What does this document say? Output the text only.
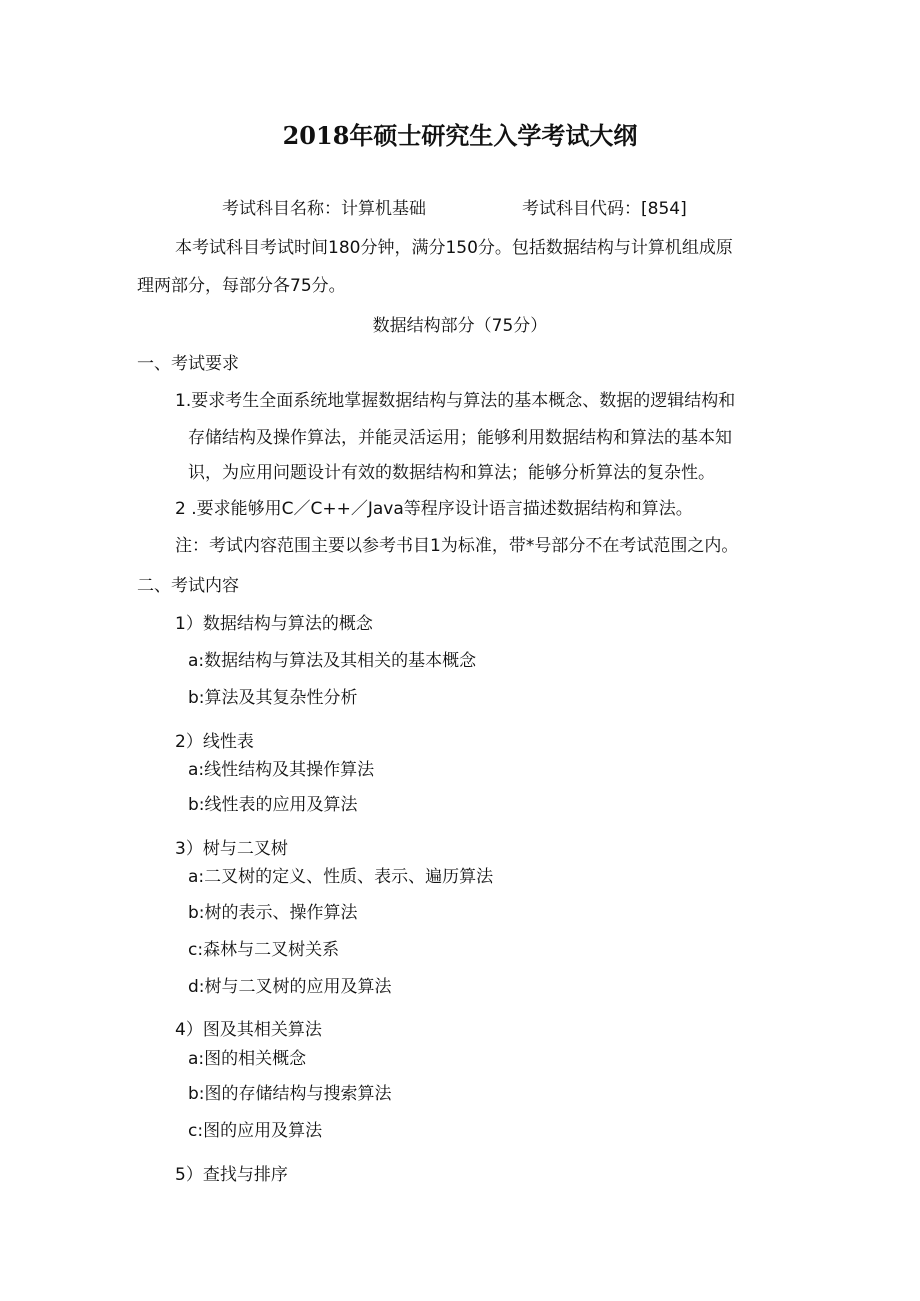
2018年硕士研究生入学考试大纲
考试科目名称：计算机基础	考试科目代码：[854]
本考试科目考试时间180分钟，满分150分。包括数据结构与计算机组成原
理两部分，每部分各75分。
数据结构部分（75分）
一、考试要求
1.要求考生全面系统地掌握数据结构与算法的基本概念、数据的逻辑结构和
存储结构及操作算法，并能灵活运用；能够利用数据结构和算法的基本知
识，为应用问题设计有效的数据结构和算法；能够分析算法的复杂性。
2 .要求能够用C／C++／Java等程序设计语言描述数据结构和算法。
注：考试内容范围主要以参考书目1为标准，带*号部分不在考试范围之内。
二、考试内容
1）数据结构与算法的概念
a:数据结构与算法及其相关的基本概念
b:算法及其复杂性分析
2）线性表
a:线性结构及其操作算法
b:线性表的应用及算法
3）树与二叉树
a:二叉树的定义、性质、表示、遍历算法
b:树的表示、操作算法
c:森林与二叉树关系
d:树与二叉树的应用及算法
4）图及其相关算法
a:图的相关概念
b:图的存储结构与搜索算法
c:图的应用及算法
5）查找与排序
